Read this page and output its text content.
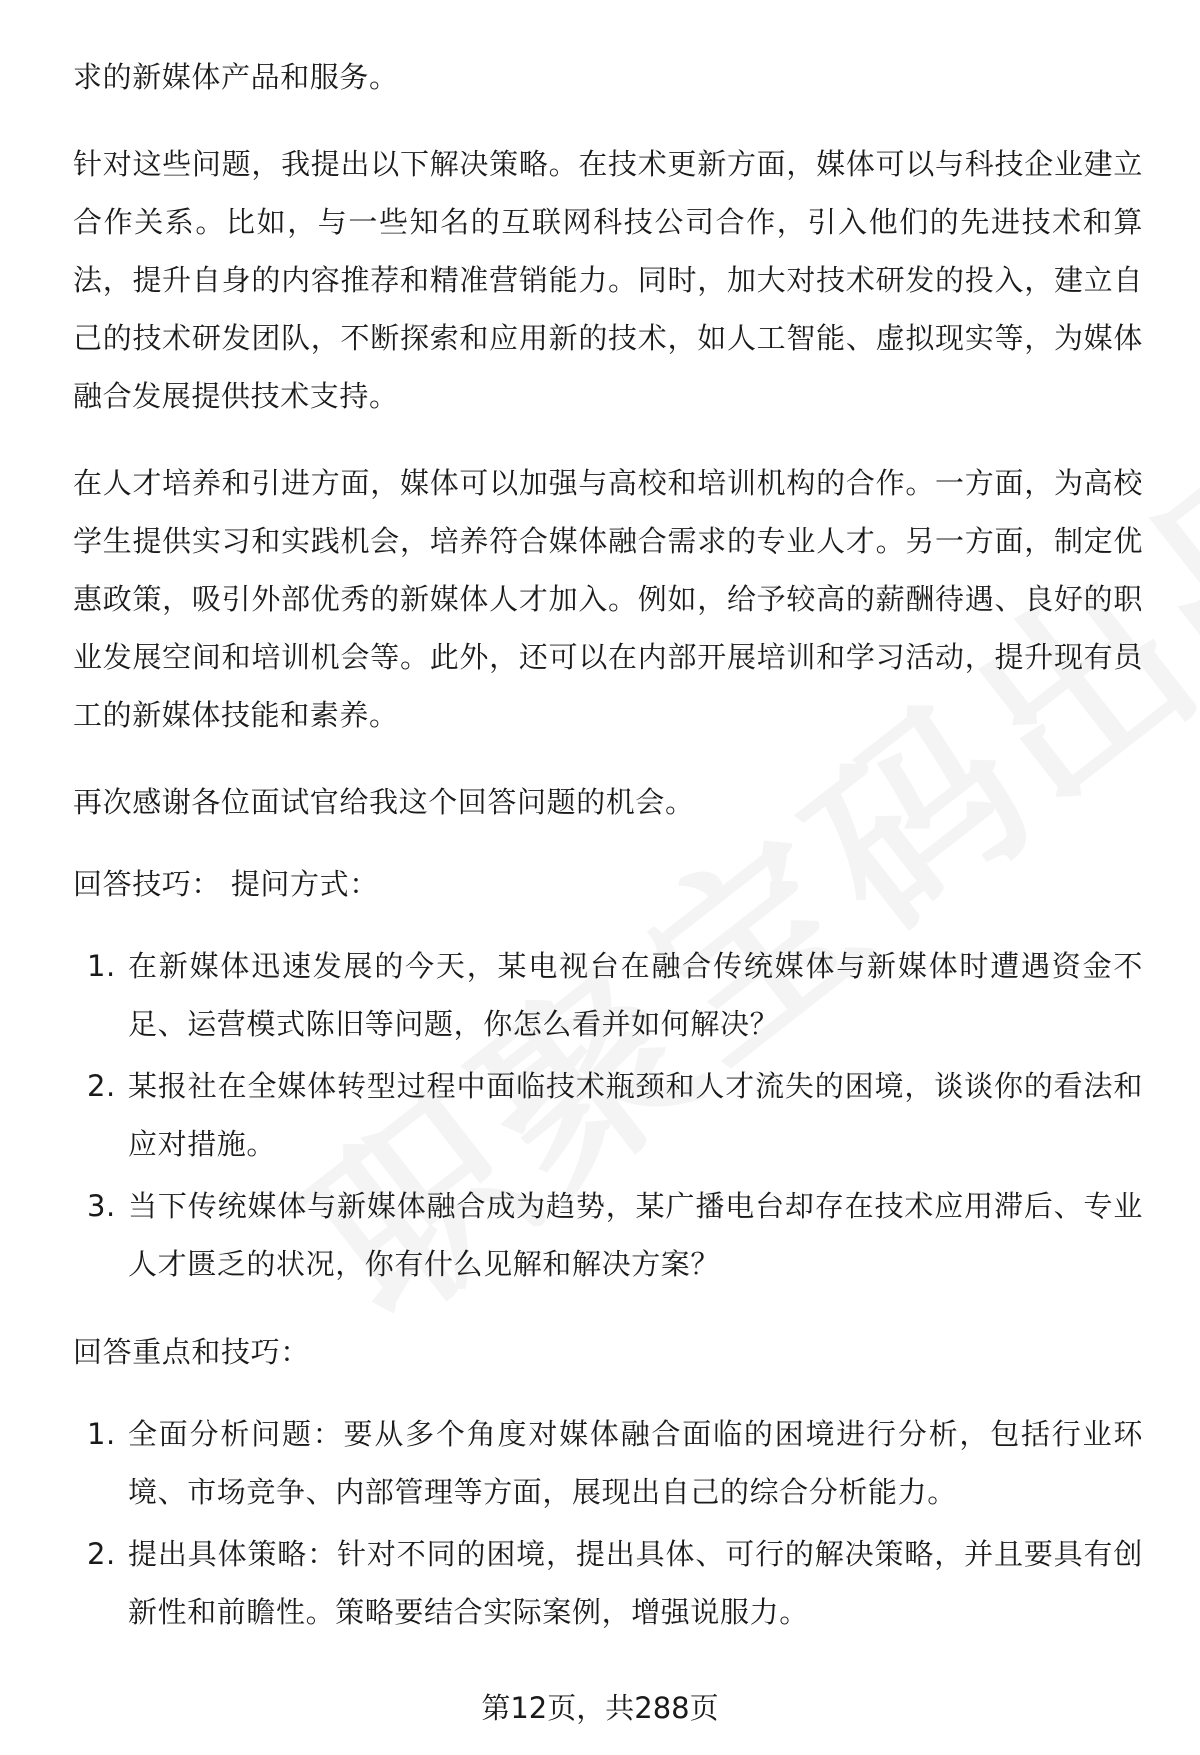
求的新媒体产品和服务。

针对这些问题，我提出以下解决策略。在技术更新方面，媒体可以与科技企业建立合作关系。比如，与一些知名的互联网科技公司合作，引入他们的先进技术和算法，提升自身的内容推荐和精准营销能力。同时，加大对技术研发的投入，建立自己的技术研发团队，不断探索和应用新的技术，如人工智能、虚拟现实等，为媒体融合发展提供技术支持。

在人才培养和引进方面，媒体可以加强与高校和培训机构的合作。一方面，为高校学生提供实习和实践机会，培养符合媒体融合需求的专业人才。另一方面，制定优惠政策，吸引外部优秀的新媒体人才加入。例如，给予较高的薪酬待遇、良好的职业发展空间和培训机会等。此外，还可以在内部开展培训和学习活动，提升现有员工的新媒体技能和素养。

再次感谢各位面试官给我这个回答问题的机会。

回答技巧： 提问方式：
1. 在新媒体迅速发展的今天，某电视台在融合传统媒体与新媒体时遭遇资金不足、运营模式陈旧等问题，你怎么看并如何解决？
2. 某报社在全媒体转型过程中面临技术瓶颈和人才流失的困境，谈谈你的看法和应对措施。
3. 当下传统媒体与新媒体融合成为趋势，某广播电台却存在技术应用滞后、专业人才匮乏的状况，你有什么见解和解决方案？
回答重点和技巧：
1. 全面分析问题：要从多个角度对媒体融合面临的困境进行分析，包括行业环境、市场竞争、内部管理等方面，展现出自己的综合分析能力。
2. 提出具体策略：针对不同的困境，提出具体、可行的解决策略，并且要具有创新性和前瞻性。策略要结合实际案例，增强说服力。
第12页，共288页
